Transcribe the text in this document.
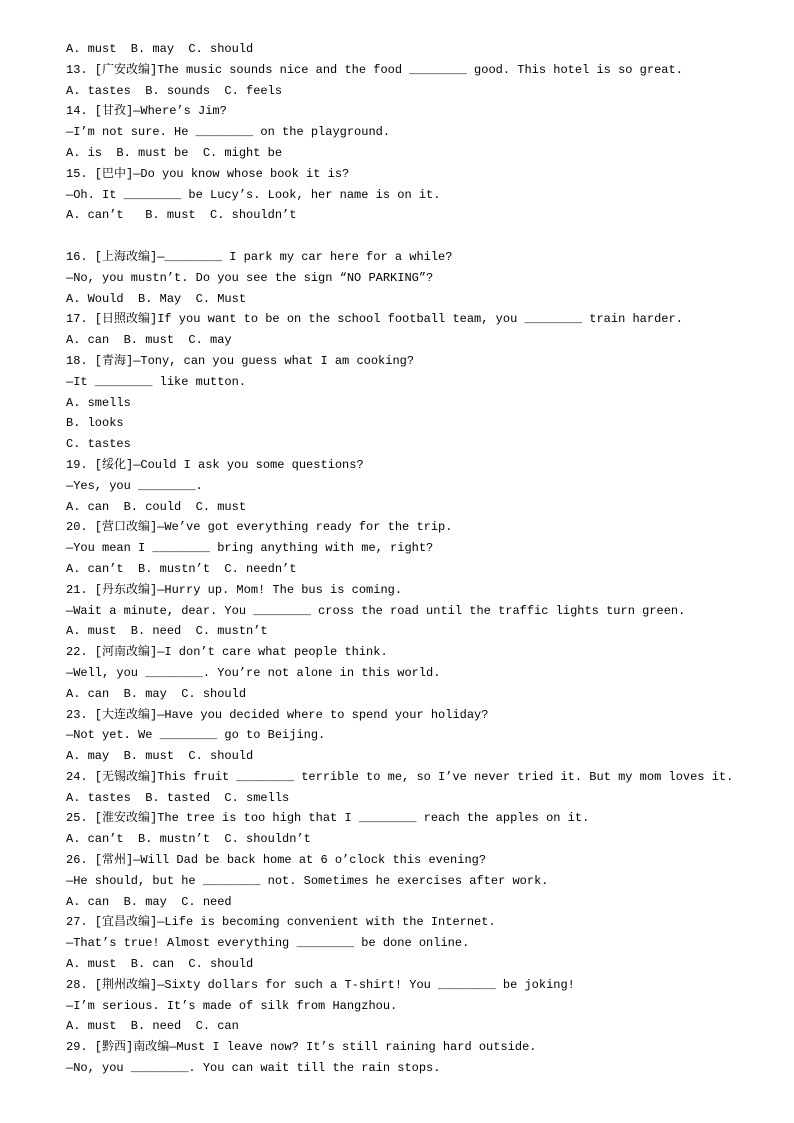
A. must  B. may  C. should
13. [广安改编]The music sounds nice and the food ________ good. This hotel is so great.
A. tastes  B. sounds  C. feels
14. [甘孜]—Where’s Jim?
—I’m not sure. He ________ on the playground.
A. is  B. must be  C. might be
15. [巴中]—Do you know whose book it is?
—Oh. It ________ be Lucy’s. Look, her name is on it.
A. can’t   B. must  C. shouldn’t
16. [上海改编]—________ I park my car here for a while?
—No, you mustn’t. Do you see the sign “NO PARKING”?
A. Would  B. May  C. Must
17. [日照改编]If you want to be on the school football team, you ________ train harder.
A. can  B. must  C. may
18. [青海]—Tony, can you guess what I am cooking?
—It ________ like mutton.
A. smells
B. looks
C. tastes
19. [绥化]—Could I ask you some questions?
—Yes, you ________.
A. can  B. could  C. must
20. [营口改编]—We’ve got everything ready for the trip.
—You mean I ________ bring anything with me, right?
A. can’t  B. mustn’t  C. needn’t
21. [丹东改编]—Hurry up. Mom! The bus is coming.
—Wait a minute, dear. You ________ cross the road until the traffic lights turn green.
A. must  B. need  C. mustn’t
22. [河南改编]—I don’t care what people think.
—Well, you ________. You’re not alone in this world.
A. can  B. may  C. should
23. [大连改编]—Have you decided where to spend your holiday?
—Not yet. We ________ go to Beijing.
A. may  B. must  C. should
24. [无锡改编]This fruit ________ terrible to me, so I’ve never tried it. But my mom loves it.
A. tastes  B. tasted  C. smells
25. [淮安改编]The tree is too high that I ________ reach the apples on it.
A. can’t  B. mustn’t  C. shouldn’t
26. [常州]—Will Dad be back home at 6 o’clock this evening?
—He should, but he ________ not. Sometimes he exercises after work.
A. can  B. may  C. need
27. [宜昌改编]—Life is becoming convenient with the Internet.
—That’s true! Almost everything ________ be done online.
A. must  B. can  C. should
28. [荆州改编]—Sixty dollars for such a T-shirt! You ________ be joking!
—I’m serious. It’s made of silk from Hangzhou.
A. must  B. need  C. can
29. [黔西]南改编—Must I leave now? It’s still raining hard outside.
—No, you ________. You can wait till the rain stops.
